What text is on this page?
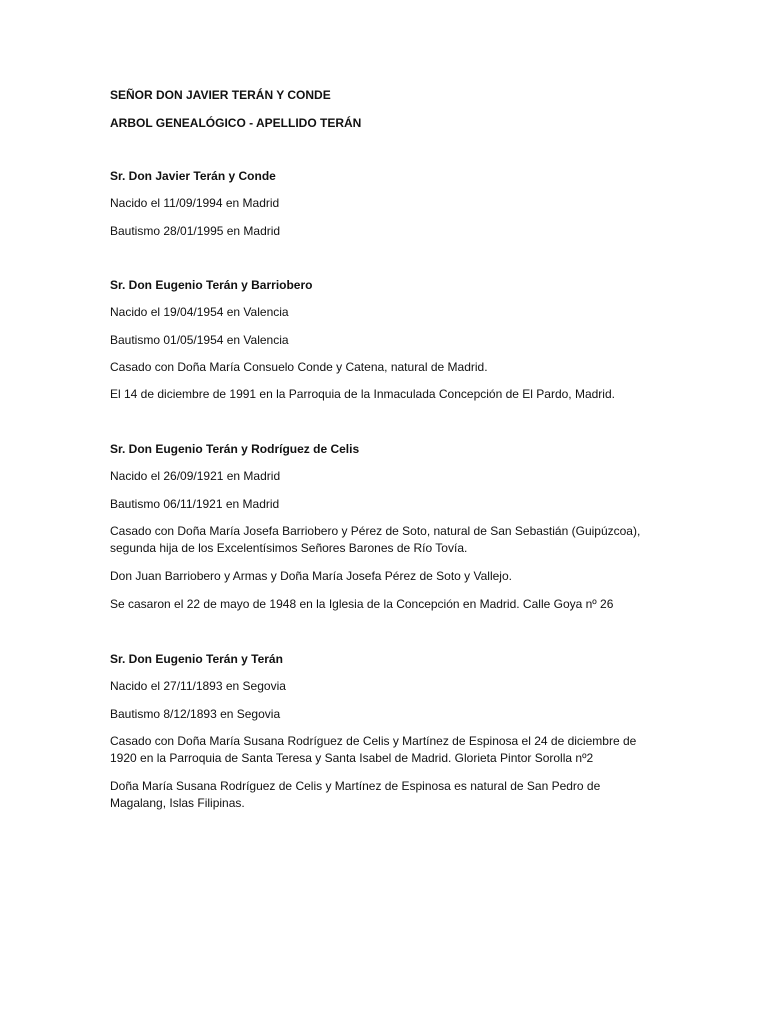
SEÑOR DON JAVIER TERÁN Y CONDE
ARBOL GENEALÓGICO - APELLIDO TERÁN
Sr. Don Javier Terán y Conde
Nacido el 11/09/1994 en Madrid
Bautismo 28/01/1995 en Madrid
Sr. Don Eugenio Terán y Barriobero
Nacido el 19/04/1954 en Valencia
Bautismo 01/05/1954 en Valencia
Casado con Doña María Consuelo Conde y Catena, natural de Madrid.
El 14 de diciembre de 1991 en la Parroquia de la Inmaculada Concepción de El Pardo, Madrid.
Sr. Don Eugenio Terán y Rodríguez de Celis
Nacido el 26/09/1921 en Madrid
Bautismo 06/11/1921 en Madrid
Casado con Doña María Josefa Barriobero y Pérez de Soto, natural de San Sebastián (Guipúzcoa), segunda hija de los Excelentísimos Señores Barones de Río Tovía.
Don Juan Barriobero y Armas y Doña María Josefa Pérez de Soto y Vallejo.
Se casaron el 22 de mayo de 1948 en la Iglesia de la Concepción en Madrid. Calle Goya nº 26
Sr. Don Eugenio Terán y Terán
Nacido el 27/11/1893 en Segovia
Bautismo 8/12/1893 en Segovia
Casado con Doña María Susana Rodríguez de Celis y Martínez de Espinosa el 24 de diciembre de 1920 en la Parroquia de Santa Teresa y Santa Isabel de Madrid. Glorieta Pintor Sorolla nº2
Doña María Susana Rodríguez de Celis y Martínez de Espinosa es natural de San Pedro de Magalang, Islas Filipinas.
